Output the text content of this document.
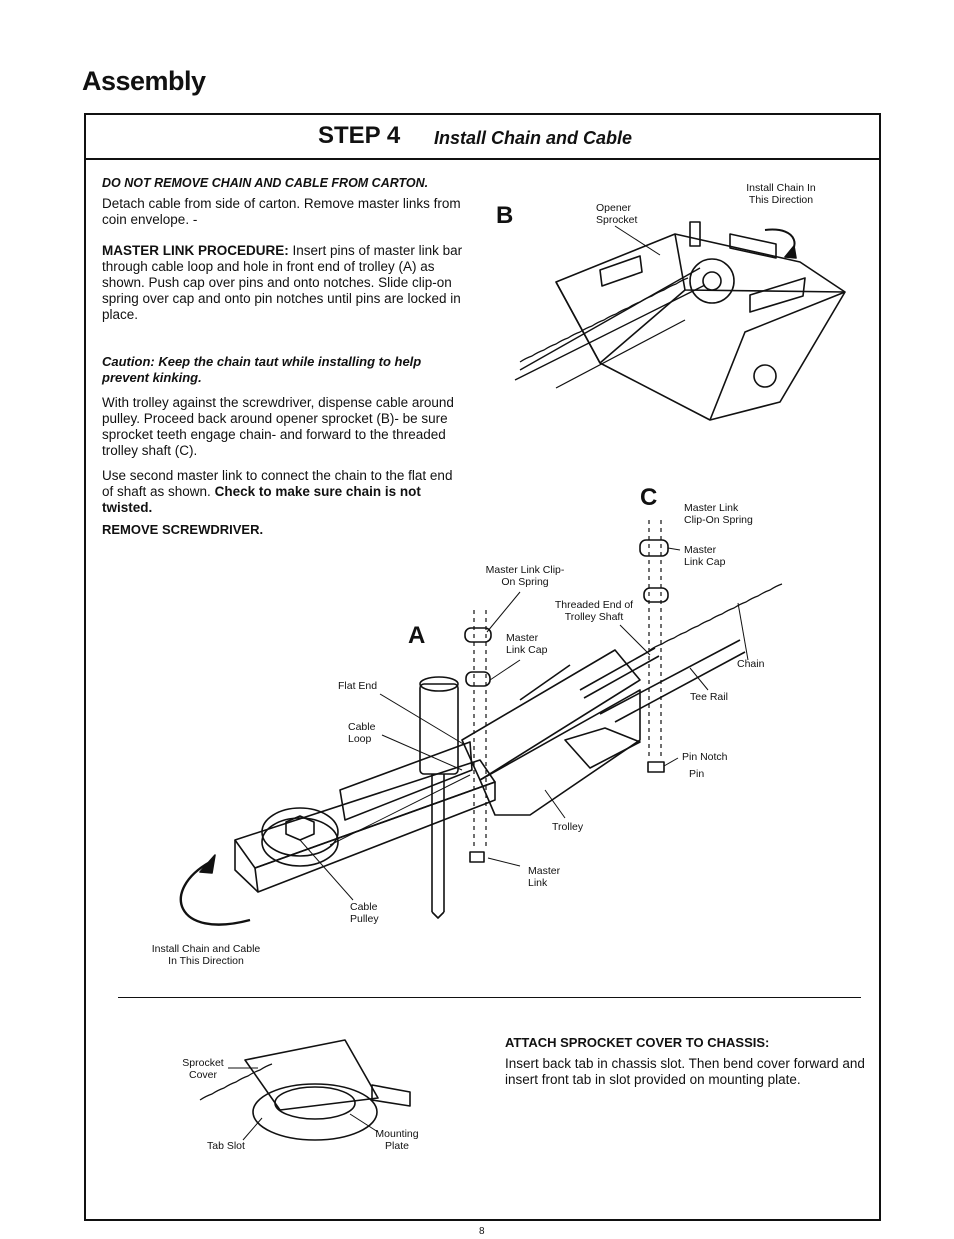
Assembly
STEP 4 Install Chain and Cable
DO NOT REMOVE CHAIN AND CABLE FROM CARTON.
Detach cable from side of carton. Remove master links from coin envelope. -
MASTER LINK PROCEDURE: Insert pins of master link bar through cable loop and hole in front end of trolley (A) as shown. Push cap over pins and onto notches. Slide clip-on spring over cap and onto pin notches until pins are locked in place.
Caution: Keep the chain taut while installing to help prevent kinking.
With trolley against the screwdriver, dispense cable around pulley. Proceed back around opener sprocket (B)- be sure sprocket teeth engage chain- and forward to the threaded trolley shaft (C).
Use second master link to connect the chain to the flat end of shaft as shown. Check to make sure chain is not twisted.
REMOVE SCREWDRIVER.
B
C
A
Opener Sprocket
Install Chain In This Direction
Master Link Clip-On Spring
Master Link Cap
Chain
Tee Rail
Pin Notch
Pin
Master Link Clip-On Spring
Threaded End of Trolley Shaft
Master Link Cap
Flat End
Cable Loop
Trolley
Master Link
Cable Pulley
Install Chain and Cable In This Direction
ATTACH SPROCKET COVER TO CHASSIS:
Insert back tab in chassis slot. Then bend cover forward and insert front tab in slot provided on mounting plate.
Sprocket Cover
Tab Slot
Mounting Plate
8
